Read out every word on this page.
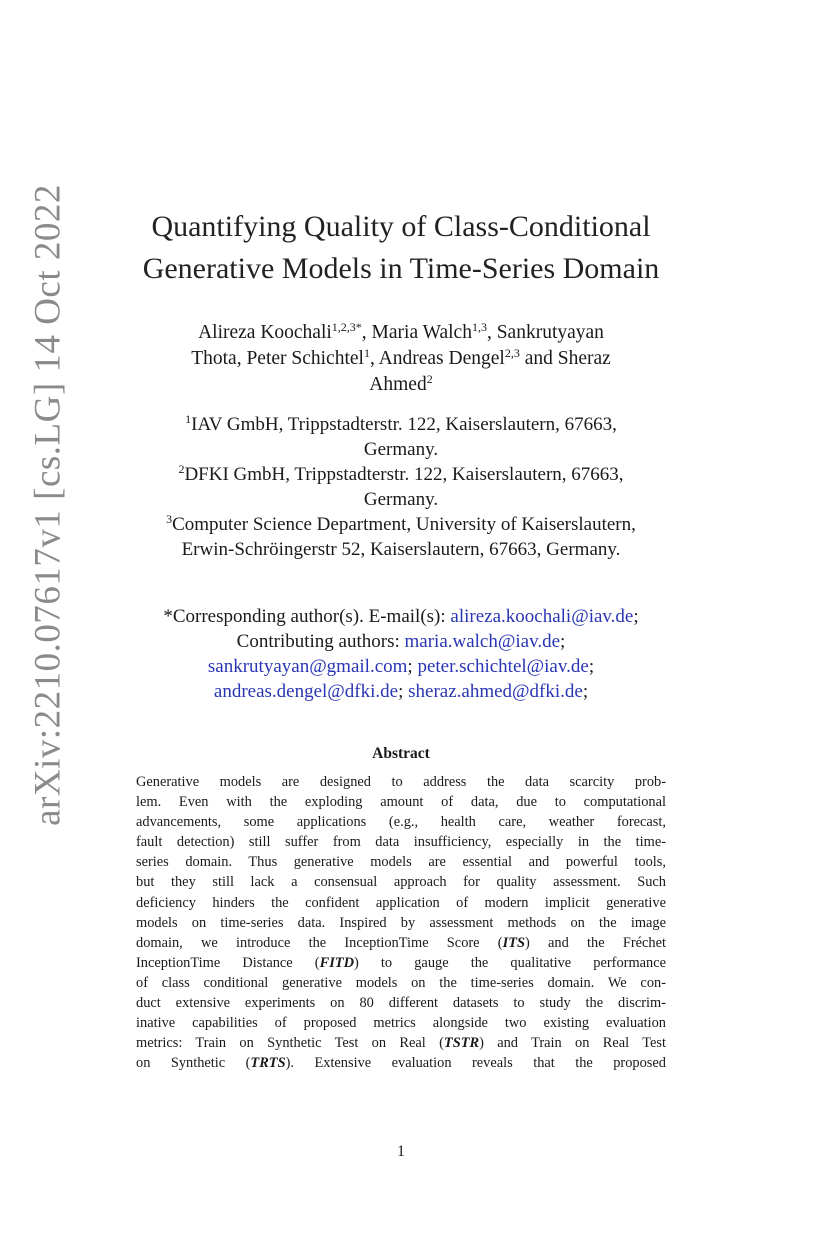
arXiv:2210.07617v1 [cs.LG] 14 Oct 2022	Quantifying Quality of Class-Conditional
Generative Models in Time-Series Domain
Alireza Koochali$^{1,2,3*}$, Maria Walch$^{1,3}$, Sankrutyayan
Thota, Peter Schichtel$^1$, Andreas Dengel$^{2,3}$ and Sheraz
Ahmed$^2$
$^1$IAV GmbH, Trippstadterstr. 122, Kaiserslautern, 67663,
Germany.
$^2$DFKI GmbH, Trippstadterstr. 122, Kaiserslautern, 67663,
Germany.
$^3$Computer Science Department, University of Kaiserslautern,
Erwin-Schröingerstr 52, Kaiserslautern, 67663, Germany.
*Corresponding author(s). E-mail(s): alireza.koochali@iav.de;
Contributing authors: maria.walch@iav.de;
sankrutyayan@gmail.com; peter.schichtel@iav.de;
andreas.dengel@dfki.de; sheraz.ahmed@dfki.de;
Abstract
Generative models are designed to address the data scarcity prob-
lem. Even with the exploding amount of data, due to computational
advancements, some applications (e.g., health care, weather forecast,
fault detection) still suffer from data insufficiency, especially in the time-
series domain. Thus generative models are essential and powerful tools,
but they still lack a consensual approach for quality assessment. Such
deficiency hinders the confident application of modern implicit generative
models on time-series data. Inspired by assessment methods on the image
domain, we introduce the InceptionTime Score (ITS) and the Fréchet
InceptionTime Distance (FITD) to gauge the qualitative performance
of class conditional generative models on the time-series domain. We con-
duct extensive experiments on 80 different datasets to study the discrim-
inative capabilities of proposed metrics alongside two existing evaluation
metrics: Train on Synthetic Test on Real (TSTR) and Train on Real Test
on Synthetic (TRTS). Extensive evaluation reveals that the proposed
1
